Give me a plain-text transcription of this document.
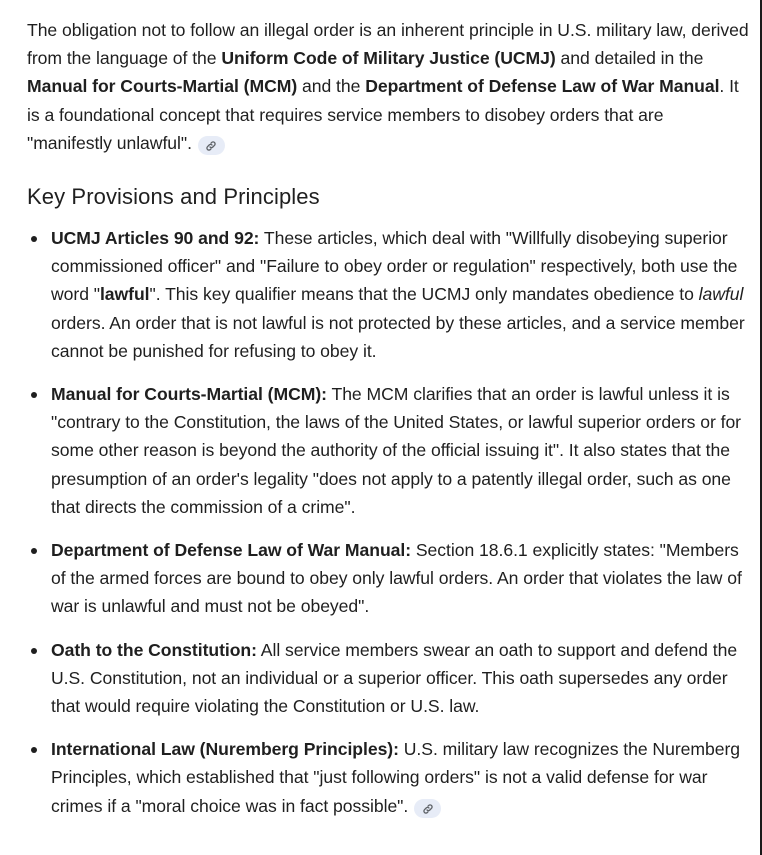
The obligation not to follow an illegal order is an inherent principle in U.S. military law, derived from the language of the Uniform Code of Military Justice (UCMJ) and detailed in the Manual for Courts-Martial (MCM) and the Department of Defense Law of War Manual. It is a foundational concept that requires service members to disobey orders that are "manifestly unlawful".

Key Provisions and Principles
UCMJ Articles 90 and 92: These articles, which deal with "Willfully disobeying superior commissioned officer" and "Failure to obey order or regulation" respectively, both use the word "lawful". This key qualifier means that the UCMJ only mandates obedience to lawful orders. An order that is not lawful is not protected by these articles, and a service member cannot be punished for refusing to obey it.
Manual for Courts-Martial (MCM): The MCM clarifies that an order is lawful unless it is "contrary to the Constitution, the laws of the United States, or lawful superior orders or for some other reason is beyond the authority of the official issuing it". It also states that the presumption of an order's legality "does not apply to a patently illegal order, such as one that directs the commission of a crime".
Department of Defense Law of War Manual: Section 18.6.1 explicitly states: "Members of the armed forces are bound to obey only lawful orders. An order that violates the law of war is unlawful and must not be obeyed".
Oath to the Constitution: All service members swear an oath to support and defend the U.S. Constitution, not an individual or a superior officer. This oath supersedes any order that would require violating the Constitution or U.S. law.
International Law (Nuremberg Principles): U.S. military law recognizes the Nuremberg Principles, which established that "just following orders" is not a valid defense for war crimes if a "moral choice was in fact possible".
